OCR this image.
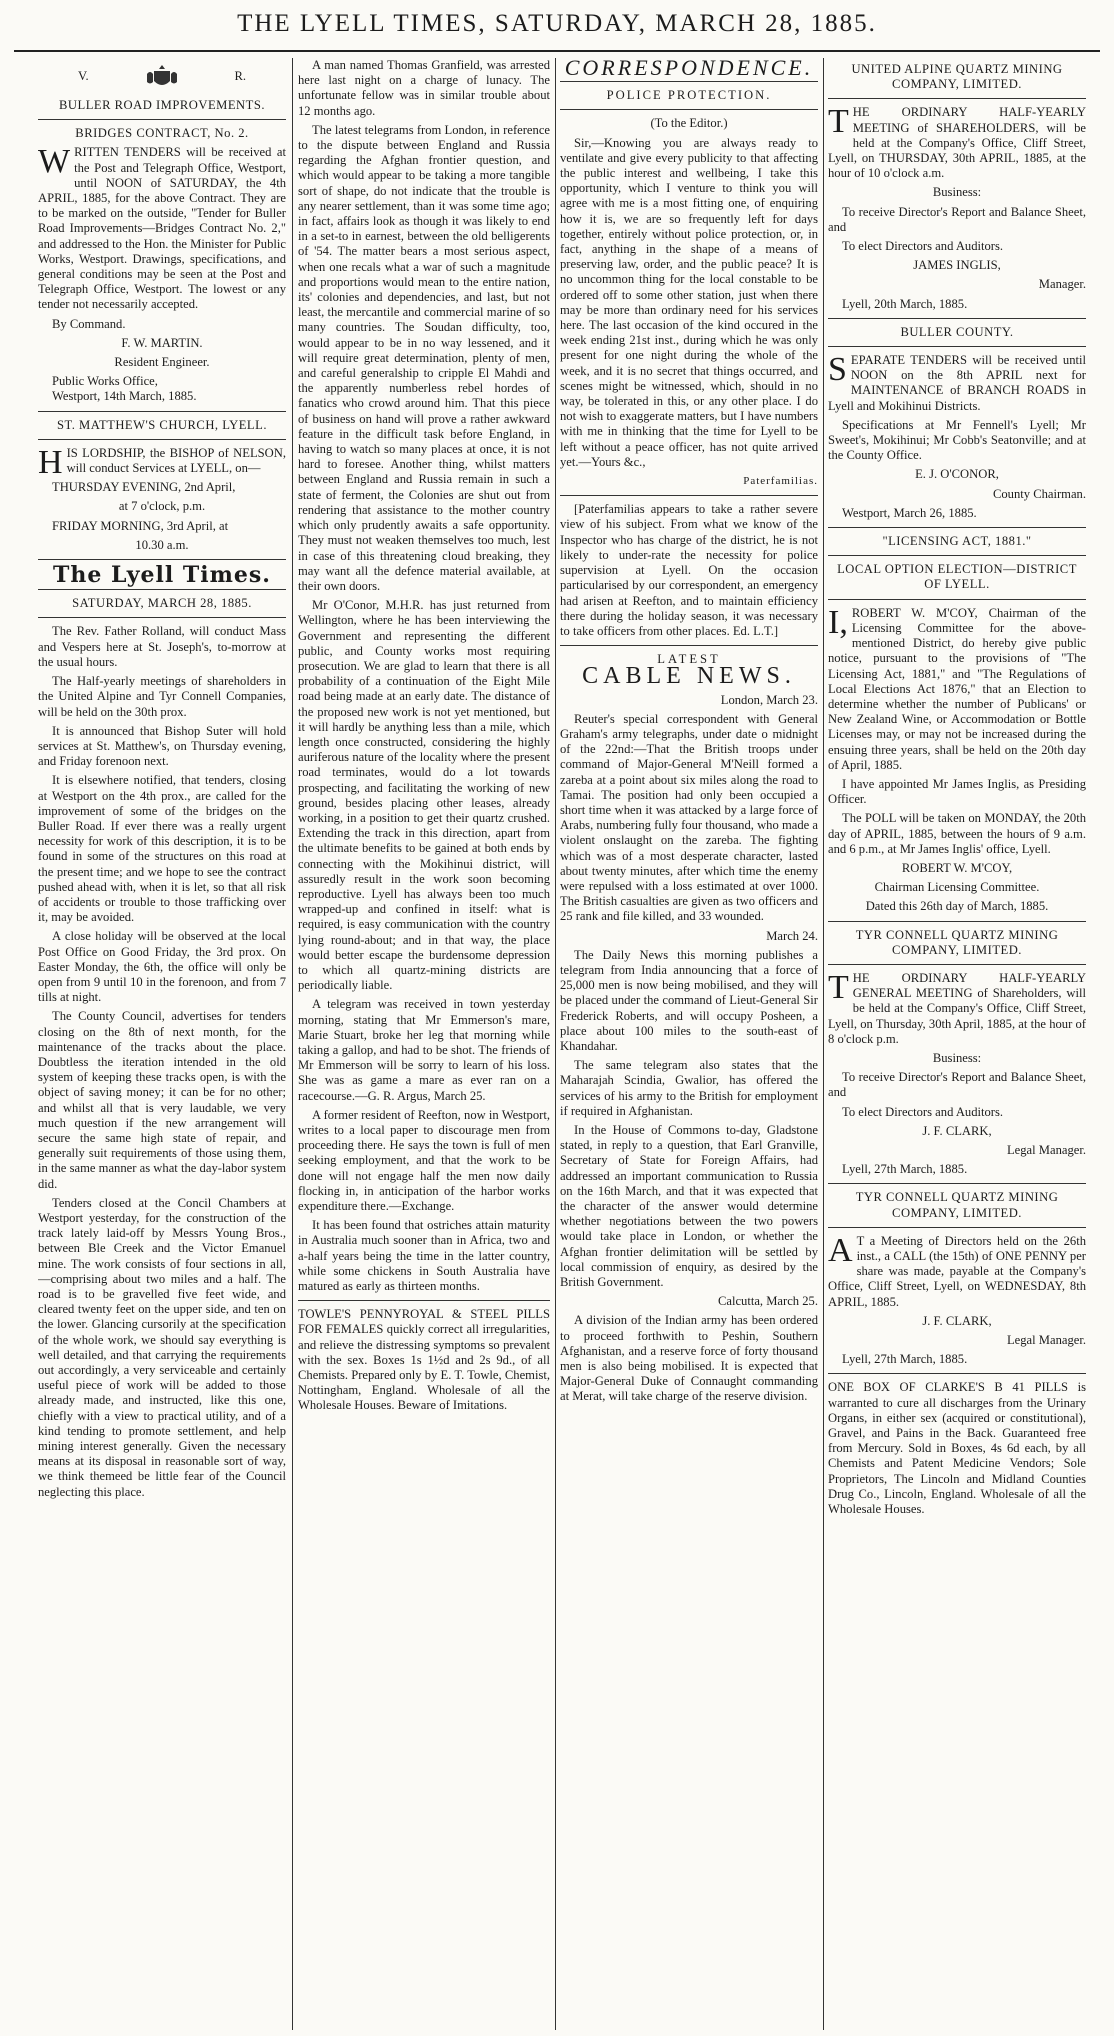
THE LYELL TIMES, SATURDAY, MARCH 28, 1885.
V.	R.
BULLER ROAD IMPROVEMENTS.
BRIDGES CONTRACT, No. 2.

W RITTEN TENDERS will be received at the Post and Telegraph Office, Westport, until NOON of SATURDAY, the 4th APRIL, 1885, for the above Contract. They are to be marked on the outside, "Tender for Buller Road Improvements—Bridges Contract No. 2," and addressed to the Hon. the Minister for Public Works, Westport. Drawings, specifications, and general conditions may be seen at the Post and Telegraph Office, Westport. The lowest or any tender not necessarily accepted.

By Command.

F. W. MARTIN.

Resident Engineer.

Public Works Office,

Westport, 14th March, 1885.

ST. MATTHEW'S CHURCH, LYELL.

H IS LORDSHIP, the BISHOP of NELSON, will conduct Services at LYELL, on—

THURSDAY EVENING, 2nd April,

at 7 o'clock, p.m.

FRIDAY MORNING, 3rd April, at

10.30 a.m.

The Lyell Times.
SATURDAY, MARCH 28, 1885.

The Rev. Father Rolland, will conduct Mass and Vespers here at St. Joseph's, to-morrow at the usual hours.

The Half-yearly meetings of shareholders in the United Alpine and Tyr Connell Companies, will be held on the 30th prox.

It is announced that Bishop Suter will hold services at St. Matthew's, on Thursday evening, and Friday forenoon next.

It is elsewhere notified, that tenders, closing at Westport on the 4th prox., are called for the improvement of some of the bridges on the Buller Road. If ever there was a really urgent necessity for work of this description, it is to be found in some of the structures on this road at the present time; and we hope to see the contract pushed ahead with, when it is let, so that all risk of accidents or trouble to those trafficking over it, may be avoided.

A close holiday will be observed at the local Post Office on Good Friday, the 3rd prox. On Easter Monday, the 6th, the office will only be open from 9 until 10 in the forenoon, and from 7 tills at night.

The County Council, advertises for tenders closing on the 8th of next month, for the maintenance of the tracks about the place. Doubtless the iteration intended in the old system of keeping these tracks open, is with the object of saving money; it can be for no other; and whilst all that is very laudable, we very much question if the new arrangement will secure the same high state of repair, and generally suit requirements of those using them, in the same manner as what the day-labor system did.

Tenders closed at the Concil Chambers at Westport yesterday, for the construction of the track lately laid-off by Messrs Young Bros., between Ble Creek and the Victor Emanuel mine. The work consists of four sections in all,—comprising about two miles and a half. The road is to be gravelled five feet wide, and cleared twenty feet on the upper side, and ten on the lower. Glancing cursorily at the specification of the whole work, we should say everything is well detailed, and that carrying the requirements out accordingly, a very serviceable and certainly useful piece of work will be added to those already made, and instructed, like this one, chiefly with a view to practical utility, and of a kind tending to promote settlement, and help mining interest generally. Given the necessary means at its disposal in reasonable sort of way, we think themeed be little fear of the Council neglecting this place.

A man named Thomas Granfield, was arrested here last night on a charge of lunacy. The unfortunate fellow was in similar trouble about 12 months ago.

The latest telegrams from London, in reference to the dispute between England and Russia regarding the Afghan frontier question, and which would appear to be taking a more tangible sort of shape, do not indicate that the trouble is any nearer settlement, than it was some time ago; in fact, affairs look as though it was likely to end in a set-to in earnest, between the old belligerents of '54. The matter bears a most serious aspect, when one recals what a war of such a magnitude and proportions would mean to the entire nation, its' colonies and dependencies, and last, but not least, the mercantile and commercial marine of so many countries. The Soudan difficulty, too, would appear to be in no way lessened, and it will require great determination, plenty of men, and careful generalship to cripple El Mahdi and the apparently numberless rebel hordes of fanatics who crowd around him. That this piece of business on hand will prove a rather awkward feature in the difficult task before England, in having to watch so many places at once, it is not hard to foresee. Another thing, whilst matters between England and Russia remain in such a state of ferment, the Colonies are shut out from rendering that assistance to the mother country which only prudently awaits a safe opportunity. They must not weaken themselves too much, lest in case of this threatening cloud breaking, they may want all the defence material available, at their own doors.

Mr O'Conor, M.H.R. has just returned from Wellington, where he has been interviewing the Government and representing the different public, and County works most requiring prosecution. We are glad to learn that there is all probability of a continuation of the Eight Mile road being made at an early date. The distance of the proposed new work is not yet mentioned, but it will hardly be anything less than a mile, which length once constructed, considering the highly auriferous nature of the locality where the present road terminates, would do a lot towards prospecting, and facilitating the working of new ground, besides placing other leases, already working, in a position to get their quartz crushed. Extending the track in this direction, apart from the ultimate benefits to be gained at both ends by connecting with the Mokihinui district, will assuredly result in the work soon becoming reproductive. Lyell has always been too much wrapped-up and confined in itself: what is required, is easy communication with the country lying round-about; and in that way, the place would better escape the burdensome depression to which all quartz-mining districts are periodically liable.

A telegram was received in town yesterday morning, stating that Mr Emmerson's mare, Marie Stuart, broke her leg that morning while taking a gallop, and had to be shot. The friends of Mr Emmerson will be sorry to learn of his loss. She was as game a mare as ever ran on a racecourse.—G. R. Argus, March 25.

A former resident of Reefton, now in Westport, writes to a local paper to discourage men from proceeding there. He says the town is full of men seeking employment, and that the work to be done will not engage half the men now daily flocking in, in anticipation of the harbor works expenditure there.—Exchange.

It has been found that ostriches attain maturity in Australia much sooner than in Africa, two and a-half years being the time in the latter country, while some chickens in South Australia have matured as early as thirteen months.

TOWLE'S PENNYROYAL & STEEL PILLS FOR FEMALES quickly correct all irregularities, and relieve the distressing symptoms so prevalent with the sex. Boxes 1s 1½d and 2s 9d., of all Chemists. Prepared only by E. T. Towle, Chemist, Nottingham, England. Wholesale of all the Wholesale Houses. Beware of Imitations.

CORRESPONDENCE.
POLICE PROTECTION.

(To the Editor.)

Sir,—Knowing you are always ready to ventilate and give every publicity to that affecting the public interest and wellbeing, I take this opportunity, which I venture to think you will agree with me is a most fitting one, of enquiring how it is, we are so frequently left for days together, entirely without police protection, or, in fact, anything in the shape of a means of preserving law, order, and the public peace? It is no uncommon thing for the local constable to be ordered off to some other station, just when there may be more than ordinary need for his services here. The last occasion of the kind occured in the week ending 21st inst., during which he was only present for one night during the whole of the week, and it is no secret that things occurred, and scenes might be witnessed, which, should in no way, be tolerated in this, or any other place. I do not wish to exaggerate matters, but I have numbers with me in thinking that the time for Lyell to be left without a peace officer, has not quite arrived yet.—Yours &c.,

Paterfamilias.

[Paterfamilias appears to take a rather severe view of his subject. From what we know of the Inspector who has charge of the district, he is not likely to under-rate the necessity for police supervision at Lyell. On the occasion particularised by our correspondent, an emergency had arisen at Reefton, and to maintain efficiency there during the holiday season, it was necessary to take officers from other places. Ed. L.T.]

LATEST
CABLE NEWS.

London, March 23.

Reuter's special correspondent with General Graham's army telegraphs, under date o midnight of the 22nd:—That the British troops under command of Major-General M'Neill formed a zareba at a point about six miles along the road to Tamai. The position had only been occupied a short time when it was attacked by a large force of Arabs, numbering fully four thousand, who made a violent onslaught on the zareba. The fighting which was of a most desperate character, lasted about twenty minutes, after which time the enemy were repulsed with a loss estimated at over 1000. The British casualties are given as two officers and 25 rank and file killed, and 33 wounded.

March 24.

The Daily News this morning publishes a telegram from India announcing that a force of 25,000 men is now being mobilised, and they will be placed under the command of Lieut-General Sir Frederick Roberts, and will occupy Posheen, a place about 100 miles to the south-east of Khandahar.

The same telegram also states that the Maharajah Scindia, Gwalior, has offered the services of his army to the British for employment if required in Afghanistan.

In the House of Commons to-day, Gladstone stated, in reply to a question, that Earl Granville, Secretary of State for Foreign Affairs, had addressed an important communication to Russia on the 16th March, and that it was expected that the character of the answer would determine whether negotiations between the two powers would take place in London, or whether the Afghan frontier delimitation will be settled by local commission of enquiry, as desired by the British Government.

Calcutta, March 25.

A division of the Indian army has been ordered to proceed forthwith to Peshin, Southern Afghanistan, and a reserve force of forty thousand men is also being mobilised. It is expected that Major-General Duke of Connaught commanding at Merat, will take charge of the reserve division.

UNITED ALPINE QUARTZ MINING COMPANY, LIMITED.

T HE ORDINARY HALF-YEARLY MEETING of SHAREHOLDERS, will be held at the Company's Office, Cliff Street, Lyell, on THURSDAY, 30th APRIL, 1885, at the hour of 10 o'clock a.m.

Business:

To receive Director's Report and Balance Sheet, and

To elect Directors and Auditors.

JAMES INGLIS,

Manager.

Lyell, 20th March, 1885.

BULLER COUNTY.

S EPARATE TENDERS will be received until NOON on the 8th APRIL next for MAINTENANCE of BRANCH ROADS in Lyell and Mokihinui Districts.

Specifications at Mr Fennell's Lyell; Mr Sweet's, Mokihinui; Mr Cobb's Seatonville; and at the County Office.

E. J. O'CONOR,

County Chairman.

Westport, March 26, 1885.

"LICENSING ACT, 1881."
LOCAL OPTION ELECTION—DISTRICT OF LYELL.

I, ROBERT W. M'COY, Chairman of the Licensing Committee for the above-mentioned District, do hereby give public notice, pursuant to the provisions of "The Licensing Act, 1881," and "The Regulations of Local Elections Act 1876," that an Election to determine whether the number of Publicans' or New Zealand Wine, or Accommodation or Bottle Licenses may, or may not be increased during the ensuing three years, shall be held on the 20th day of April, 1885.

I have appointed Mr James Inglis, as Presiding Officer.

The POLL will be taken on MONDAY, the 20th day of APRIL, 1885, between the hours of 9 a.m. and 6 p.m., at Mr James Inglis' office, Lyell.

ROBERT W. M'COY,

Chairman Licensing Committee.

Dated this 26th day of March, 1885.

TYR CONNELL QUARTZ MINING COMPANY, LIMITED.

T HE ORDINARY HALF-YEARLY GENERAL MEETING of Shareholders, will be held at the Company's Office, Cliff Street, Lyell, on Thursday, 30th April, 1885, at the hour of 8 o'clock p.m.

Business:

To receive Director's Report and Balance Sheet, and

To elect Directors and Auditors.

J. F. CLARK,

Legal Manager.

Lyell, 27th March, 1885.

TYR CONNELL QUARTZ MINING COMPANY, LIMITED.

A T a Meeting of Directors held on the 26th inst., a CALL (the 15th) of ONE PENNY per share was made, payable at the Company's Office, Cliff Street, Lyell, on WEDNESDAY, 8th APRIL, 1885.

J. F. CLARK,

Legal Manager.

Lyell, 27th March, 1885.

ONE BOX OF CLARKE'S B 41 PILLS is warranted to cure all discharges from the Urinary Organs, in either sex (acquired or constitutional), Gravel, and Pains in the Back. Guaranteed free from Mercury. Sold in Boxes, 4s 6d each, by all Chemists and Patent Medicine Vendors; Sole Proprietors, The Lincoln and Midland Counties Drug Co., Lincoln, England. Wholesale of all the Wholesale Houses.
